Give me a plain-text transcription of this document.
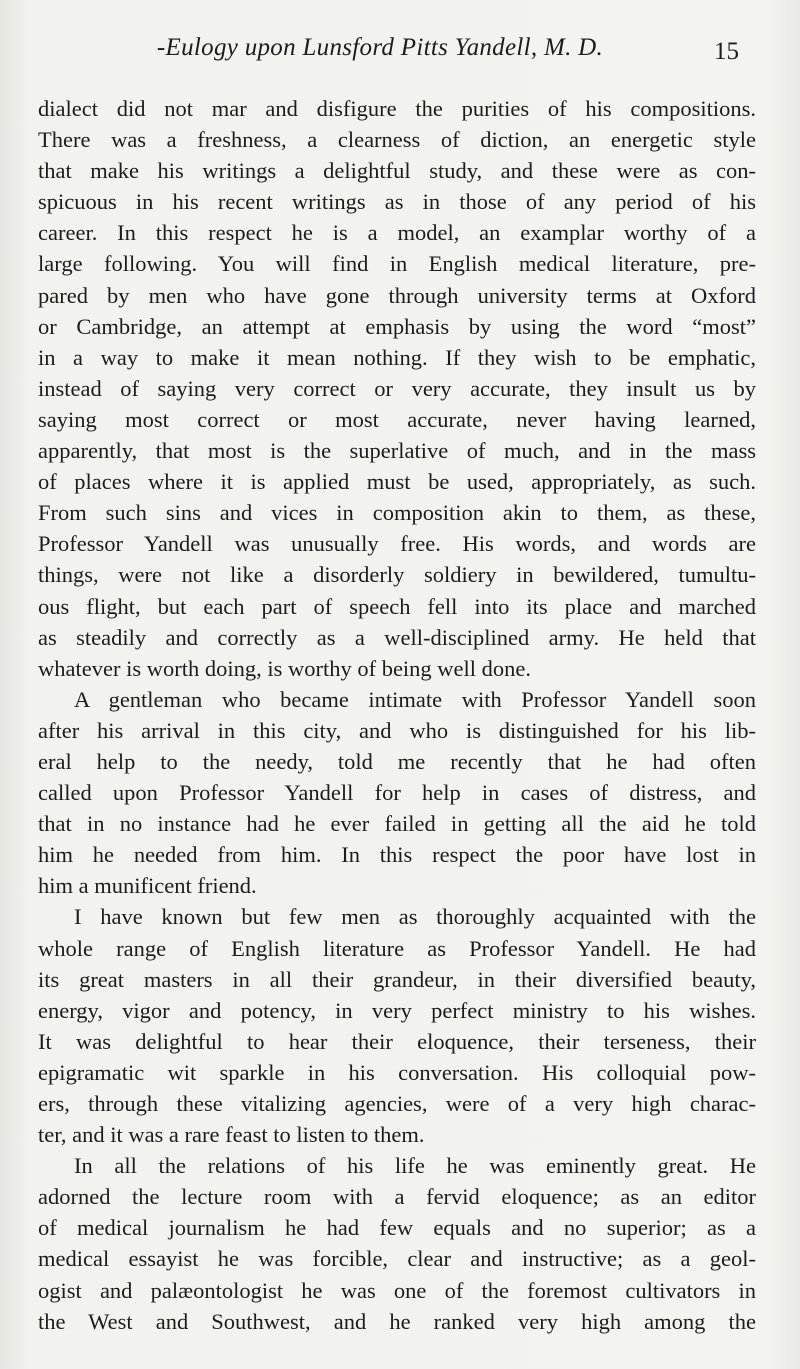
-Eulogy upon Lunsford Pitts Yandell, M. D.	15
dialect did not mar and disfigure the purities of his compositions.
There was a freshness, a clearness of diction, an energetic style
that make his writings a delightful study, and these were as con-
spicuous in his recent writings as in those of any period of his
career. In this respect he is a model, an examplar worthy of a
large following. You will find in English medical literature, pre-
pared by men who have gone through university terms at Oxford
or Cambridge, an attempt at emphasis by using the word “most”
in a way to make it mean nothing. If they wish to be emphatic,
instead of saying very correct or very accurate, they insult us by
saying most correct or most accurate, never having learned,
apparently, that most is the superlative of much, and in the mass
of places where it is applied must be used, appropriately, as such.
From such sins and vices in composition akin to them, as these,
Professor Yandell was unusually free. His words, and words are
things, were not like a disorderly soldiery in bewildered, tumultu-
ous flight, but each part of speech fell into its place and marched
as steadily and correctly as a well-disciplined army. He held that
whatever is worth doing, is worthy of being well done.
A gentleman who became intimate with Professor Yandell soon
after his arrival in this city, and who is distinguished for his lib-
eral help to the needy, told me recently that he had often
called upon Professor Yandell for help in cases of distress, and
that in no instance had he ever failed in getting all the aid he told
him he needed from him. In this respect the poor have lost in
him a munificent friend.
I have known but few men as thoroughly acquainted with the
whole range of English literature as Professor Yandell. He had
its great masters in all their grandeur, in their diversified beauty,
energy, vigor and potency, in very perfect ministry to his wishes.
It was delightful to hear their eloquence, their terseness, their
epigramatic wit sparkle in his conversation. His colloquial pow-
ers, through these vitalizing agencies, were of a very high charac-
ter, and it was a rare feast to listen to them.
In all the relations of his life he was eminently great. He
adorned the lecture room with a fervid eloquence; as an editor
of medical journalism he had few equals and no superior; as a
medical essayist he was forcible, clear and instructive; as a geol-
ogist and palæontologist he was one of the foremost cultivators in
the West and Southwest, and he ranked very high among the
